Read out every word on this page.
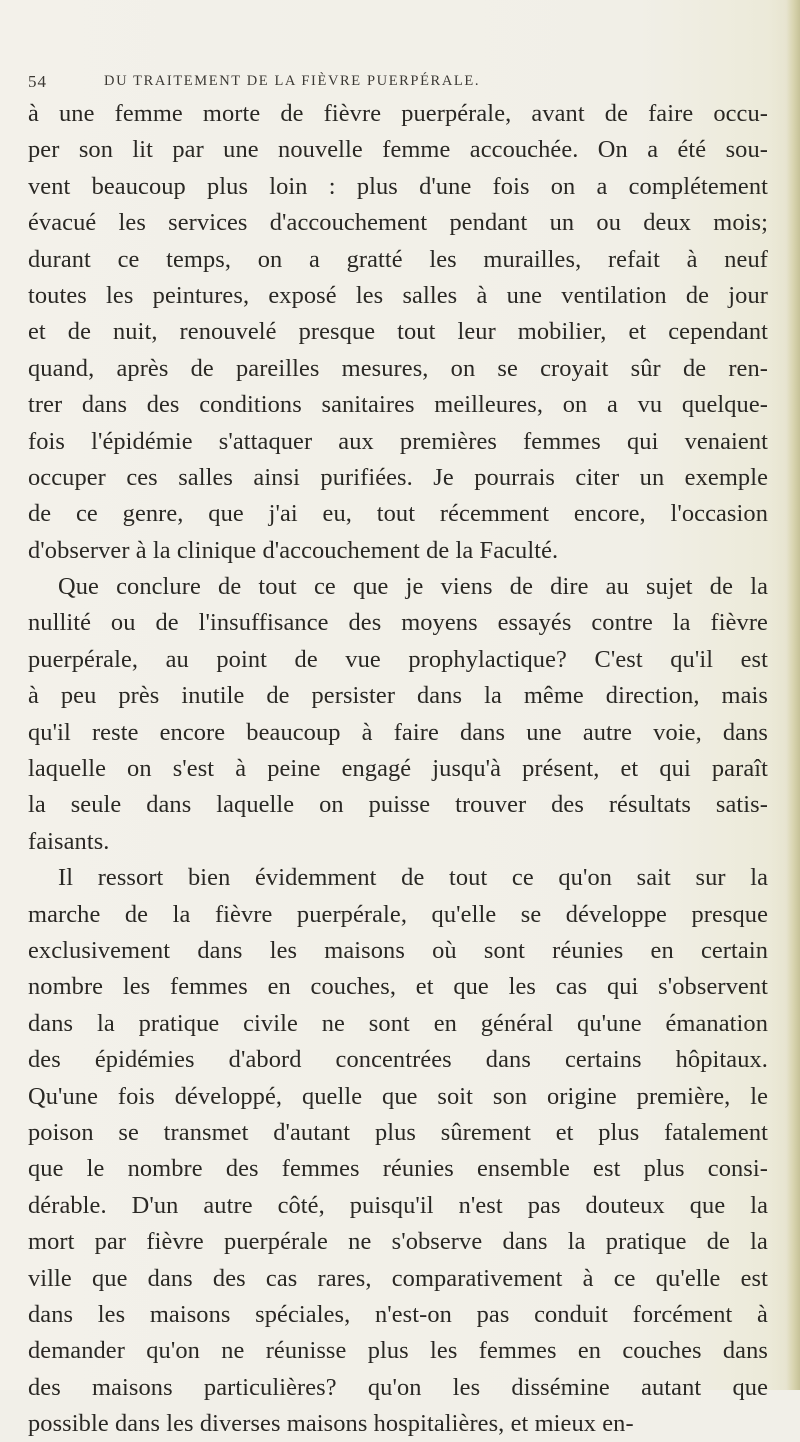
54	DU TRAITEMENT DE LA FIÈVRE PUERPÉRALE.
à une femme morte de fièvre puerpérale, avant de faire occu-
per son lit par une nouvelle femme accouchée. On a été sou-
vent beaucoup plus loin : plus d'une fois on a complétement
évacué les services d'accouchement pendant un ou deux mois;
durant ce temps, on a gratté les murailles, refait à neuf
toutes les peintures, exposé les salles à une ventilation de jour
et de nuit, renouvelé presque tout leur mobilier, et cependant
quand, après de pareilles mesures, on se croyait sûr de ren-
trer dans des conditions sanitaires meilleures, on a vu quelque-
fois l'épidémie s'attaquer aux premières femmes qui venaient
occuper ces salles ainsi purifiées. Je pourrais citer un exemple
de ce genre, que j'ai eu, tout récemment encore, l'occasion
d'observer à la clinique d'accouchement de la Faculté.
Que conclure de tout ce que je viens de dire au sujet de la
nullité ou de l'insuffisance des moyens essayés contre la fièvre
puerpérale, au point de vue prophylactique? C'est qu'il est
à peu près inutile de persister dans la même direction, mais
qu'il reste encore beaucoup à faire dans une autre voie, dans
laquelle on s'est à peine engagé jusqu'à présent, et qui paraît
la seule dans laquelle on puisse trouver des résultats satis-
faisants.
Il ressort bien évidemment de tout ce qu'on sait sur la
marche de la fièvre puerpérale, qu'elle se développe presque
exclusivement dans les maisons où sont réunies en certain
nombre les femmes en couches, et que les cas qui s'observent
dans la pratique civile ne sont en général qu'une émanation
des épidémies d'abord concentrées dans certains hôpitaux.
Qu'une fois développé, quelle que soit son origine première, le
poison se transmet d'autant plus sûrement et plus fatalement
que le nombre des femmes réunies ensemble est plus consi-
dérable. D'un autre côté, puisqu'il n'est pas douteux que la
mort par fièvre puerpérale ne s'observe dans la pratique de la
ville que dans des cas rares, comparativement à ce qu'elle est
dans les maisons spéciales, n'est-on pas conduit forcément à
demander qu'on ne réunisse plus les femmes en couches dans
des maisons particulières? qu'on les dissémine autant que
possible dans les diverses maisons hospitalières, et mieux en-
